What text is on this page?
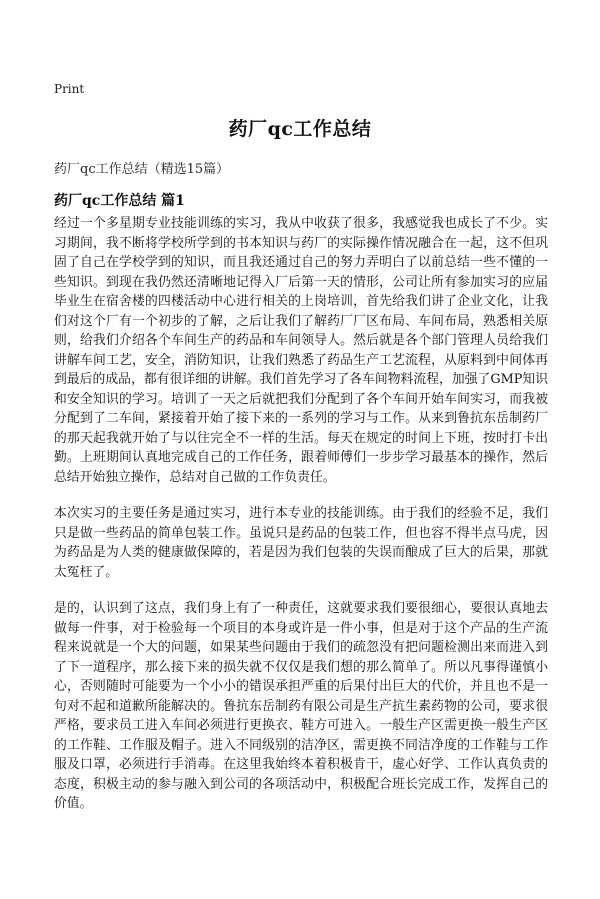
Print
药厂qc工作总结
药厂qc工作总结（精选15篇）
药厂qc工作总结 篇1

经过一个多星期专业技能训练的实习，我从中收获了很多，我感觉我也成长了不少。实习期间，我不断将学校所学到的书本知识与药厂的实际操作情况融合在一起，这不但巩固了自己在学校学到的知识，而且我还通过自己的努力弄明白了以前总结一些不懂的一些知识。到现在我仍然还清晰地记得入厂后第一天的情形，公司让所有参加实习的应届毕业生在宿舍楼的四楼活动中心进行相关的上岗培训，首先给我们讲了企业文化，让我们对这个厂有一个初步的了解，之后让我们了解药厂厂区布局、车间布局，熟悉相关原则，给我们介绍各个车间生产的药品和车间领导人。然后就是各个部门管理人员给我们讲解车间工艺，安全，消防知识，让我们熟悉了药品生产工艺流程，从原料到中间体再到最后的成品，都有很详细的讲解。我们首先学习了各车间物料流程，加强了GMP知识和安全知识的学习。培训了一天之后就把我们分配到了各个车间开始车间实习，而我被分配到了二车间，紧接着开始了接下来的一系列的学习与工作。从来到鲁抗东岳制药厂的那天起我就开始了与以往完全不一样的生活。每天在规定的时间上下班，按时打卡出勤。上班期间认真地完成自己的工作任务，跟着师傅们一步步学习最基本的操作，然后总结开始独立操作，总结对自己做的工作负责任。

本次实习的主要任务是通过实习，进行本专业的技能训练。由于我们的经验不足，我们只是做一些药品的简单包装工作。虽说只是药品的包装工作，但也容不得半点马虎，因为药品是为人类的健康做保障的，若是因为我们包装的失误而酿成了巨大的后果，那就太冤枉了。

是的，认识到了这点，我们身上有了一种责任，这就要求我们要很细心，要很认真地去做每一件事，对于检验每一个项目的本身或许是一件小事，但是对于这个产品的生产流程来说就是一个大的问题，如果某些问题由于我们的疏忽没有把问题检测出来而进入到了下一道程序，那么接下来的损失就不仅仅是我们想的那么简单了。所以凡事得谨慎小心，否则随时可能要为一个小小的错误承担严重的后果付出巨大的代价，并且也不是一句对不起和道歉所能解决的。鲁抗东岳制药有限公司是生产抗生素药物的公司，要求很严格，要求员工进入车间必须进行更换衣、鞋方可进入。一般生产区需更换一般生产区的工作鞋、工作服及帽子。进入不同级别的洁净区，需更换不同洁净度的工作鞋与工作服及口罩，必须进行手消毒。在这里我始终本着积极肯干，虚心好学、工作认真负责的态度，积极主动的参与融入到公司的各项活动中，积极配合班长完成工作，发挥自己的价值。
